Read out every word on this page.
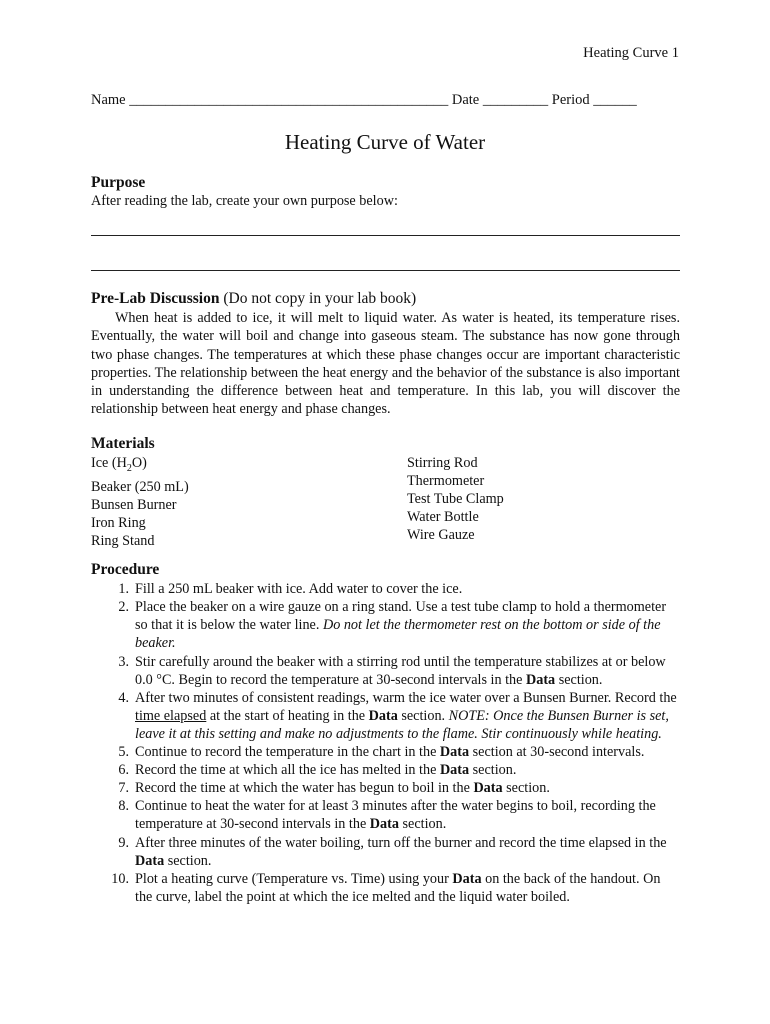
Heating Curve 1
Name ____________________________________________ Date _________ Period ______
Heating Curve of Water
Purpose
After reading the lab, create your own purpose below:
Pre-Lab Discussion (Do not copy in your lab book)

When heat is added to ice, it will melt to liquid water. As water is heated, its temperature rises. Eventually, the water will boil and change into gaseous steam. The substance has now gone through two phase changes. The temperatures at which these phase changes occur are important characteristic properties. The relationship between the heat energy and the behavior of the substance is also important in understanding the difference between heat and temperature. In this lab, you will discover the relationship between heat energy and phase changes.

Materials
Ice $(H_2O)$
Beaker (250 mL)
Bunsen Burner
Iron Ring
Ring Stand
Stirring Rod
Thermometer
Test Tube Clamp
Water Bottle
Wire Gauze
Procedure
1. Fill a 250 mL beaker with ice. Add water to cover the ice.
2. Place the beaker on a wire gauze on a ring stand. Use a test tube clamp to hold a thermometer so that it is below the water line. Do not let the thermometer rest on the bottom or side of the beaker.
3. Stir carefully around the beaker with a stirring rod until the temperature stabilizes at or below 0.0 °C. Begin to record the temperature at 30-second intervals in the Data section.
4. After two minutes of consistent readings, warm the ice water over a Bunsen Burner. Record the time elapsed at the start of heating in the Data section. NOTE: Once the Bunsen Burner is set, leave it at this setting and make no adjustments to the flame. Stir continuously while heating.
5. Continue to record the temperature in the chart in the Data section at 30-second intervals.
6. Record the time at which all the ice has melted in the Data section.
7. Record the time at which the water has begun to boil in the Data section.
8. Continue to heat the water for at least 3 minutes after the water begins to boil, recording the temperature at 30-second intervals in the Data section.
9. After three minutes of the water boiling, turn off the burner and record the time elapsed in the Data section.
10. Plot a heating curve (Temperature vs. Time) using your Data on the back of the handout. On the curve, label the point at which the ice melted and the liquid water boiled.
